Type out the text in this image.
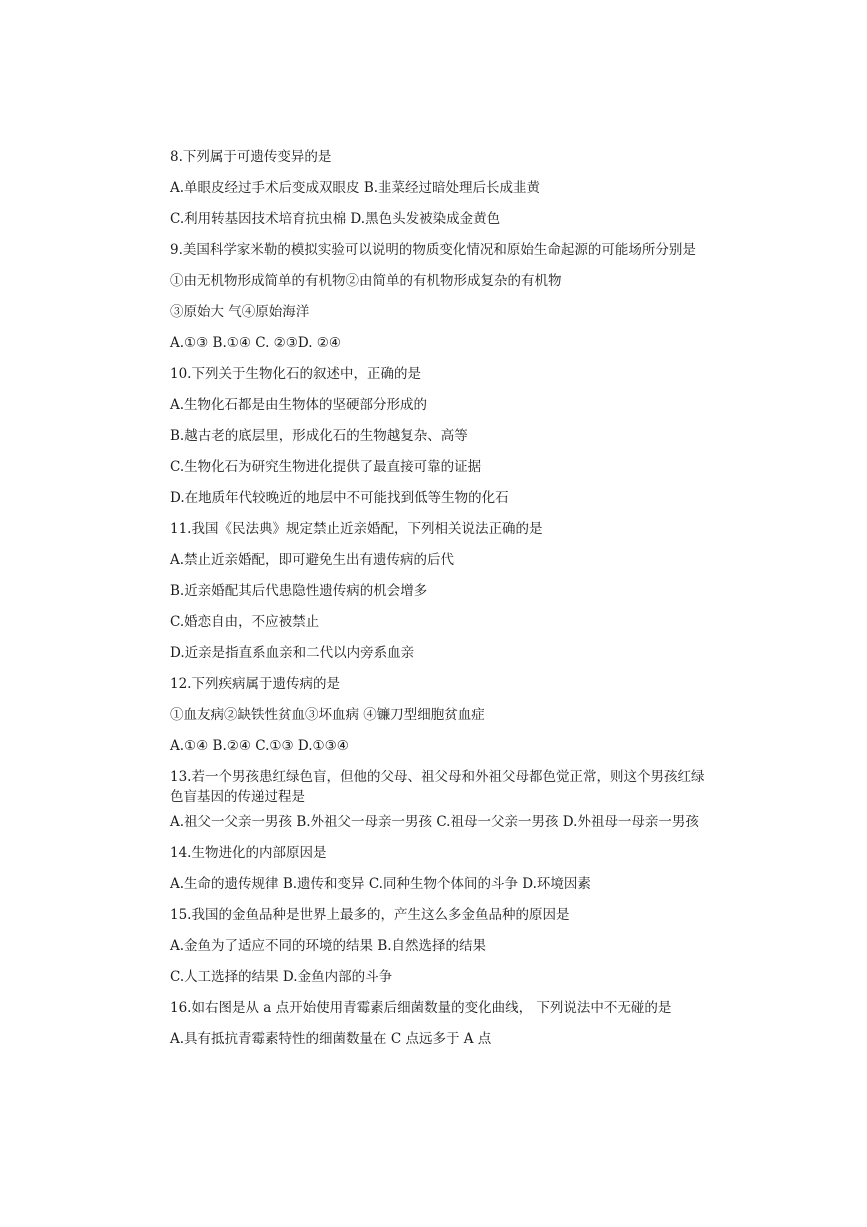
8.下列属于可遗传变异的是
A.单眼皮经过手术后变成双眼皮 B.韭菜经过暗处理后长成韭黄
C.利用转基因技术培育抗虫棉 D.黑色头发被染成金黄色
9.美国科学家米勒的模拟实验可以说明的物质变化情况和原始生命起源的可能场所分别是
①由无机物形成简单的有机物②由简单的有机物形成复杂的有机物
③原始大 气④原始海洋
A.①③ B.①④ C. ②③D. ②④
10.下列关于生物化石的叙述中，正确的是
A.生物化石都是由生物体的坚硬部分形成的
B.越古老的底层里，形成化石的生物越复杂、高等
C.生物化石为研究生物进化提供了最直接可靠的证据
D.在地质年代较晚近的地层中不可能找到低等生物的化石
11.我国《民法典》规定禁止近亲婚配，下列相关说法正确的是
A.禁止近亲婚配，即可避免生出有遗传病的后代
B.近亲婚配其后代患隐性遗传病的机会增多
C.婚恋自由，不应被禁止
D.近亲是指直系血亲和二代以内旁系血亲
12.下列疾病属于遗传病的是
①血友病②缺铁性贫血③坏血病 ④镰刀型细胞贫血症
A.①④ B.②④ C.①③ D.①③④
13.若一个男孩患红绿色盲，但他的父母、祖父母和外祖父母都色觉正常，则这个男孩红绿色盲基因的传递过程是
A.祖父一父亲一男孩 B.外祖父一母亲一男孩 C.祖母一父亲一男孩 D.外祖母一母亲一男孩
14.生物进化的内部原因是
A.生命的遗传规律 B.遗传和变异 C.同种生物个体间的斗争 D.环境因素
15.我国的金鱼品种是世界上最多的，产生这么多金鱼品种的原因是
A.金鱼为了适应不同的环境的结果 B.自然选择的结果
C.人工选择的结果 D.金鱼内部的斗争
16.如右图是从 a 点开始使用青霉素后细菌数量的变化曲线， 下列说法中不无碰的是
A.具有抵抗青霉素特性的细菌数量在 C 点远多于 A 点
